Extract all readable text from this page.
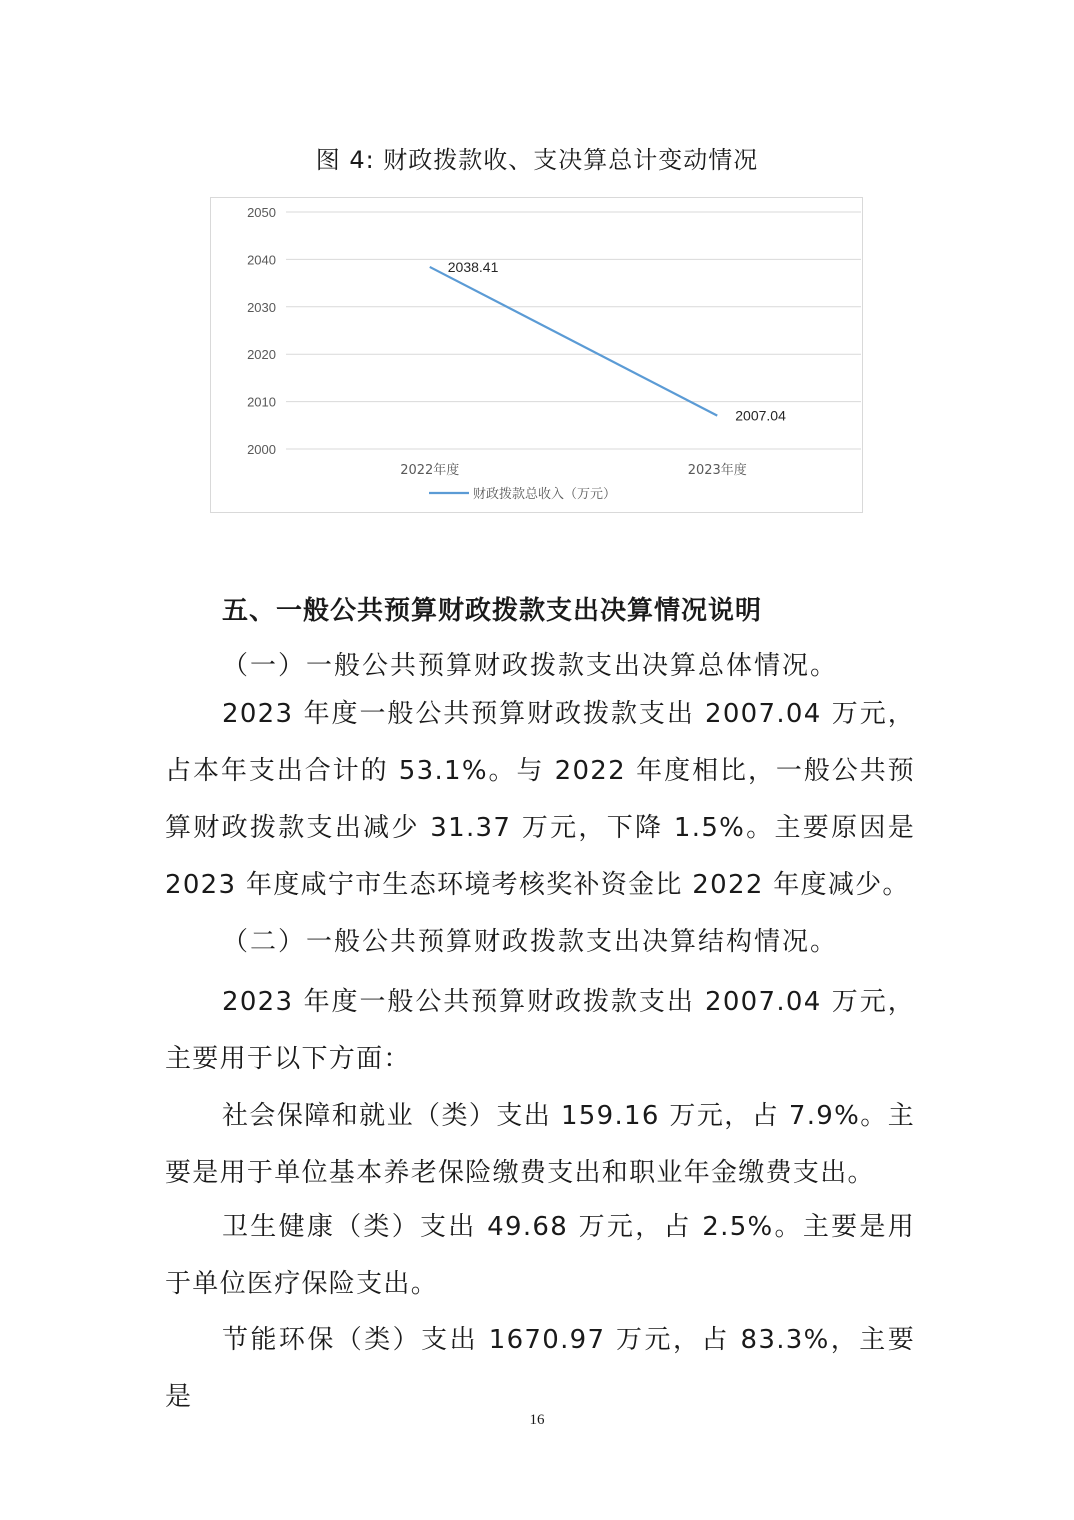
图 4: 财政拨款收、支决算总计变动情况
2000
2010
2020
2030
2040
2050
2022年度	2023年度
2038.41
2007.04
财政拨款总收入（万元）
五、一般公共预算财政拨款支出决算情况说明
（一）一般公共预算财政拨款支出决算总体情况。
2023 年度一般公共预算财政拨款支出 2007.04 万元，占本年支出合计的 53.1%。与 2022 年度相比，一般公共预算财政拨款支出减少 31.37 万元，下降 1.5%。主要原因是 2023 年度咸宁市生态环境考核奖补资金比 2022 年度减少。
（二）一般公共预算财政拨款支出决算结构情况。
2023 年度一般公共预算财政拨款支出 2007.04 万元，主要用于以下方面：
社会保障和就业（类）支出 159.16 万元，占 7.9%。主要是用于单位基本养老保险缴费支出和职业年金缴费支出。
卫生健康（类）支出 49.68 万元，占 2.5%。主要是用于单位医疗保险支出。
节能环保（类）支出 1670.97 万元，占 83.3%，主要是
16
